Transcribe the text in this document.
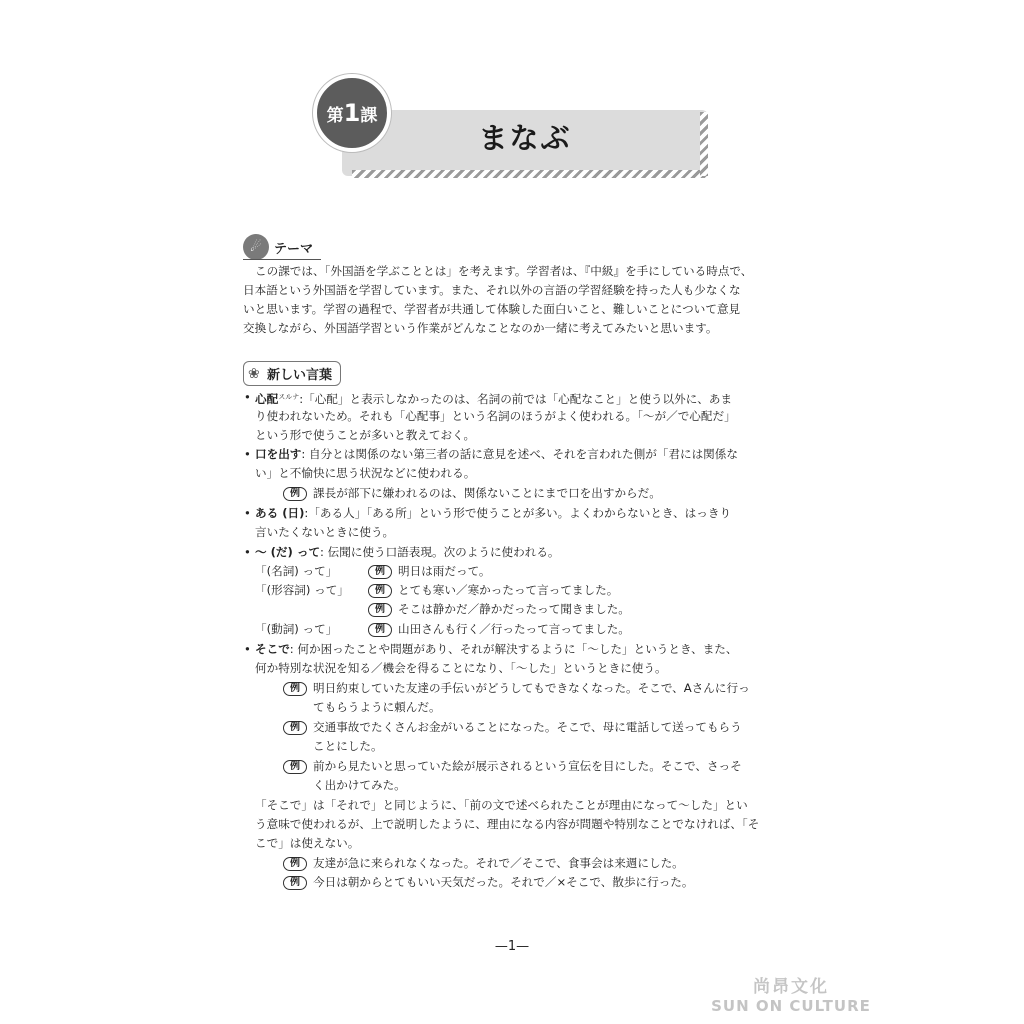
まなぶ
第1課
☄ テーマ
この課では、「外国語を学ぶこととは」を考えます。学習者は、『中級』を手にしている時点で、
日本語という外国語を学習しています。また、それ以外の言語の学習経験を持った人も少なくな
いと思います。学習の過程で、学習者が共通して体験した面白いこと、難しいことについて意見
交換しながら、外国語学習という作業がどんなことなのか一緒に考えてみたいと思います。
❀ 新しい言葉
• 心配$^{スルナ}$:「心配」と表示しなかったのは、名詞の前では「心配なこと」と使う以外に、あま
り使われないため。それも「心配事」という名詞のほうがよく使われる。「～が／で心配だ」
という形で使うことが多いと教えておく。
• 口を出す: 自分とは関係のない第三者の話に意見を述べ、それを言われた側が「君には関係な
い」と不愉快に思う状況などに使われる。
例 課長が部下に嫌われるのは、関係ないことにまで口を出すからだ。
• ある (日):「ある人」「ある所」という形で使うことが多い。よくわからないとき、はっきり
言いたくないときに使う。
• ～ (だ) って: 伝聞に使う口語表現。次のように使われる。
「(名詞) って」	例 明日は雨だって。
「(形容詞) って」	例 とても寒い／寒かったって言ってました。
例 そこは静かだ／静かだったって聞きました。
「(動詞) って」	例 山田さんも行く／行ったって言ってました。
• そこで: 何か困ったことや問題があり、それが解決するように「～した」というとき、また、
何か特別な状況を知る／機会を得ることになり、「～した」というときに使う。
例 明日約束していた友達の手伝いがどうしてもできなくなった。そこで、Aさんに行っ
てもらうように頼んだ。
例 交通事故でたくさんお金がいることになった。そこで、母に電話して送ってもらう
ことにした。
例 前から見たいと思っていた絵が展示されるという宣伝を目にした。そこで、さっそ
く出かけてみた。
「そこで」は「それで」と同じように、「前の文で述べられたことが理由になって～した」とい
う意味で使われるが、上で説明したように、理由になる内容が問題や特別なことでなければ、「そ
こで」は使えない。
例 友達が急に来られなくなった。それで／そこで、食事会は来週にした。
例 今日は朝からとてもいい天気だった。それで／×そこで、散歩に行った。
—1—
尚昂文化
SUN ON CULTURE
